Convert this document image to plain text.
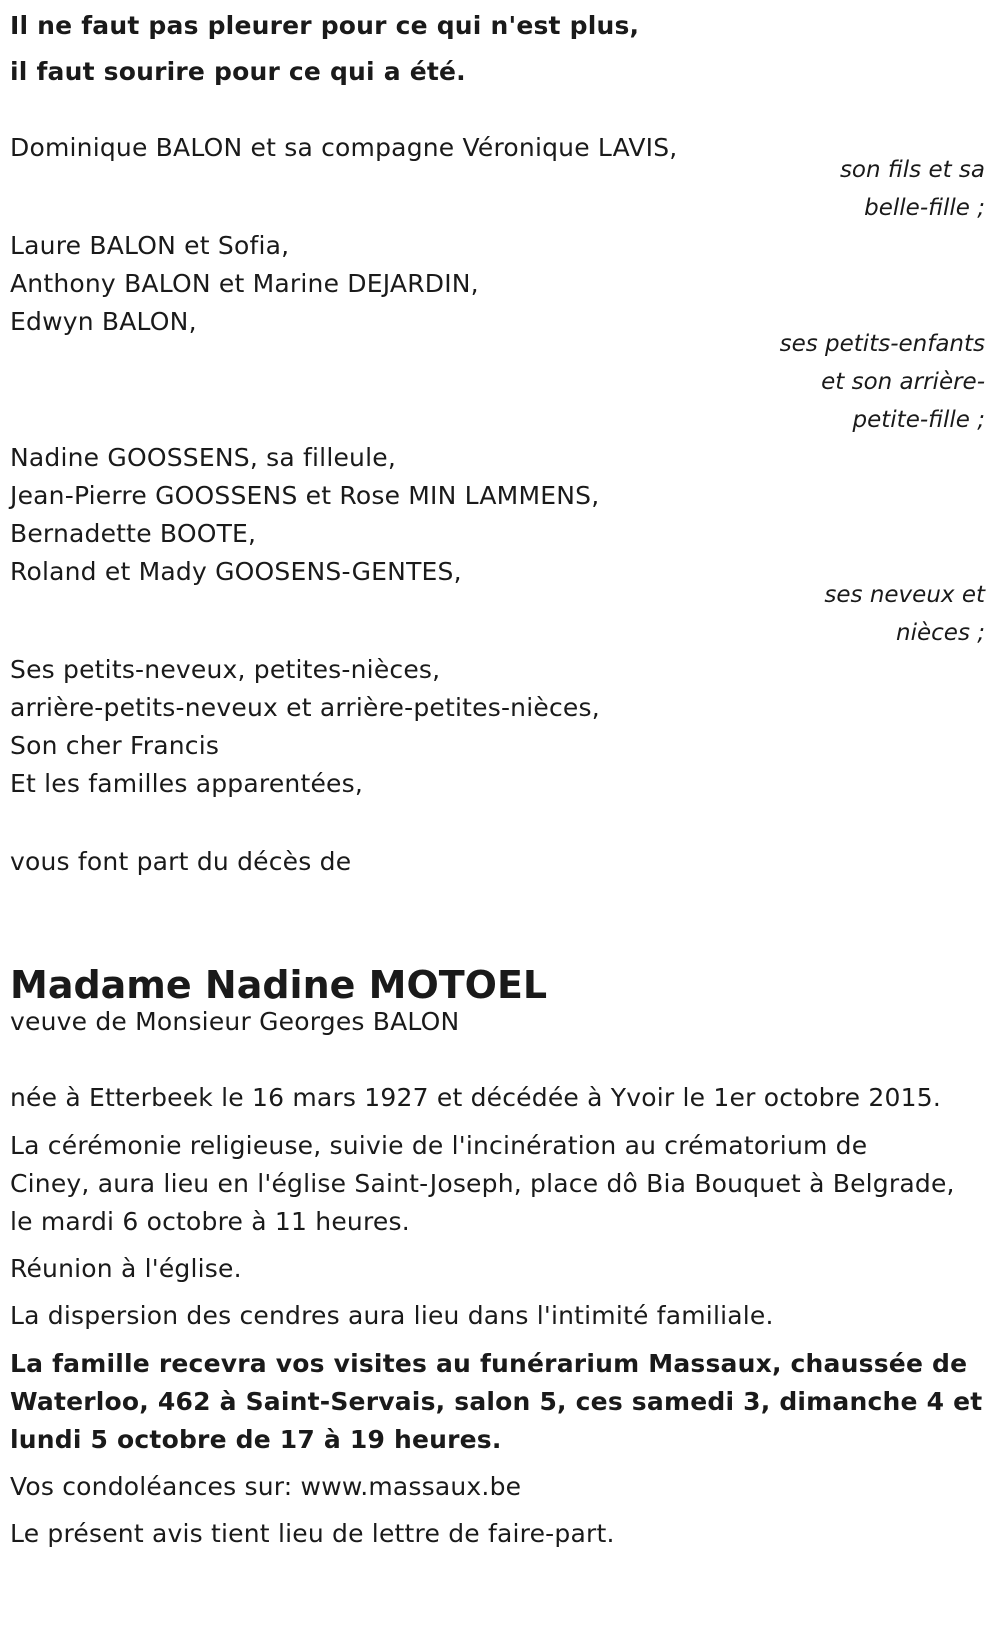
Il ne faut pas pleurer pour ce qui n'est plus,
il faut sourire pour ce qui a été.
Dominique BALON et sa compagne Véronique LAVIS,
son fils et sa
belle-fille ;
Laure BALON et Sofia,
Anthony BALON et Marine DEJARDIN,
Edwyn BALON,
ses petits-enfants
et son arrière-
petite-fille ;
Nadine GOOSSENS, sa filleule,
Jean-Pierre GOOSSENS et Rose MIN LAMMENS,
Bernadette BOOTE,
Roland et Mady GOOSENS-GENTES,
ses neveux et
nièces ;
Ses petits-neveux, petites-nièces,
arrière-petits-neveux et arrière-petites-nièces,
Son cher Francis
Et les familles apparentées,
vous font part du décès de
Madame Nadine MOTOEL
veuve de Monsieur Georges BALON
née à Etterbeek le 16 mars 1927 et décédée à Yvoir le 1er octobre 2015.
La cérémonie religieuse, suivie de l'incinération au crématorium de
Ciney, aura lieu en l'église Saint-Joseph, place dô Bia Bouquet à Belgrade,
le mardi 6 octobre à 11 heures.
Réunion à l'église.
La dispersion des cendres aura lieu dans l'intimité familiale.
La famille recevra vos visites au funérarium Massaux, chaussée de
Waterloo, 462 à Saint-Servais, salon 5, ces samedi 3, dimanche 4 et
lundi 5 octobre de 17 à 19 heures.
Vos condoléances sur: www.massaux.be
Le présent avis tient lieu de lettre de faire-part.
